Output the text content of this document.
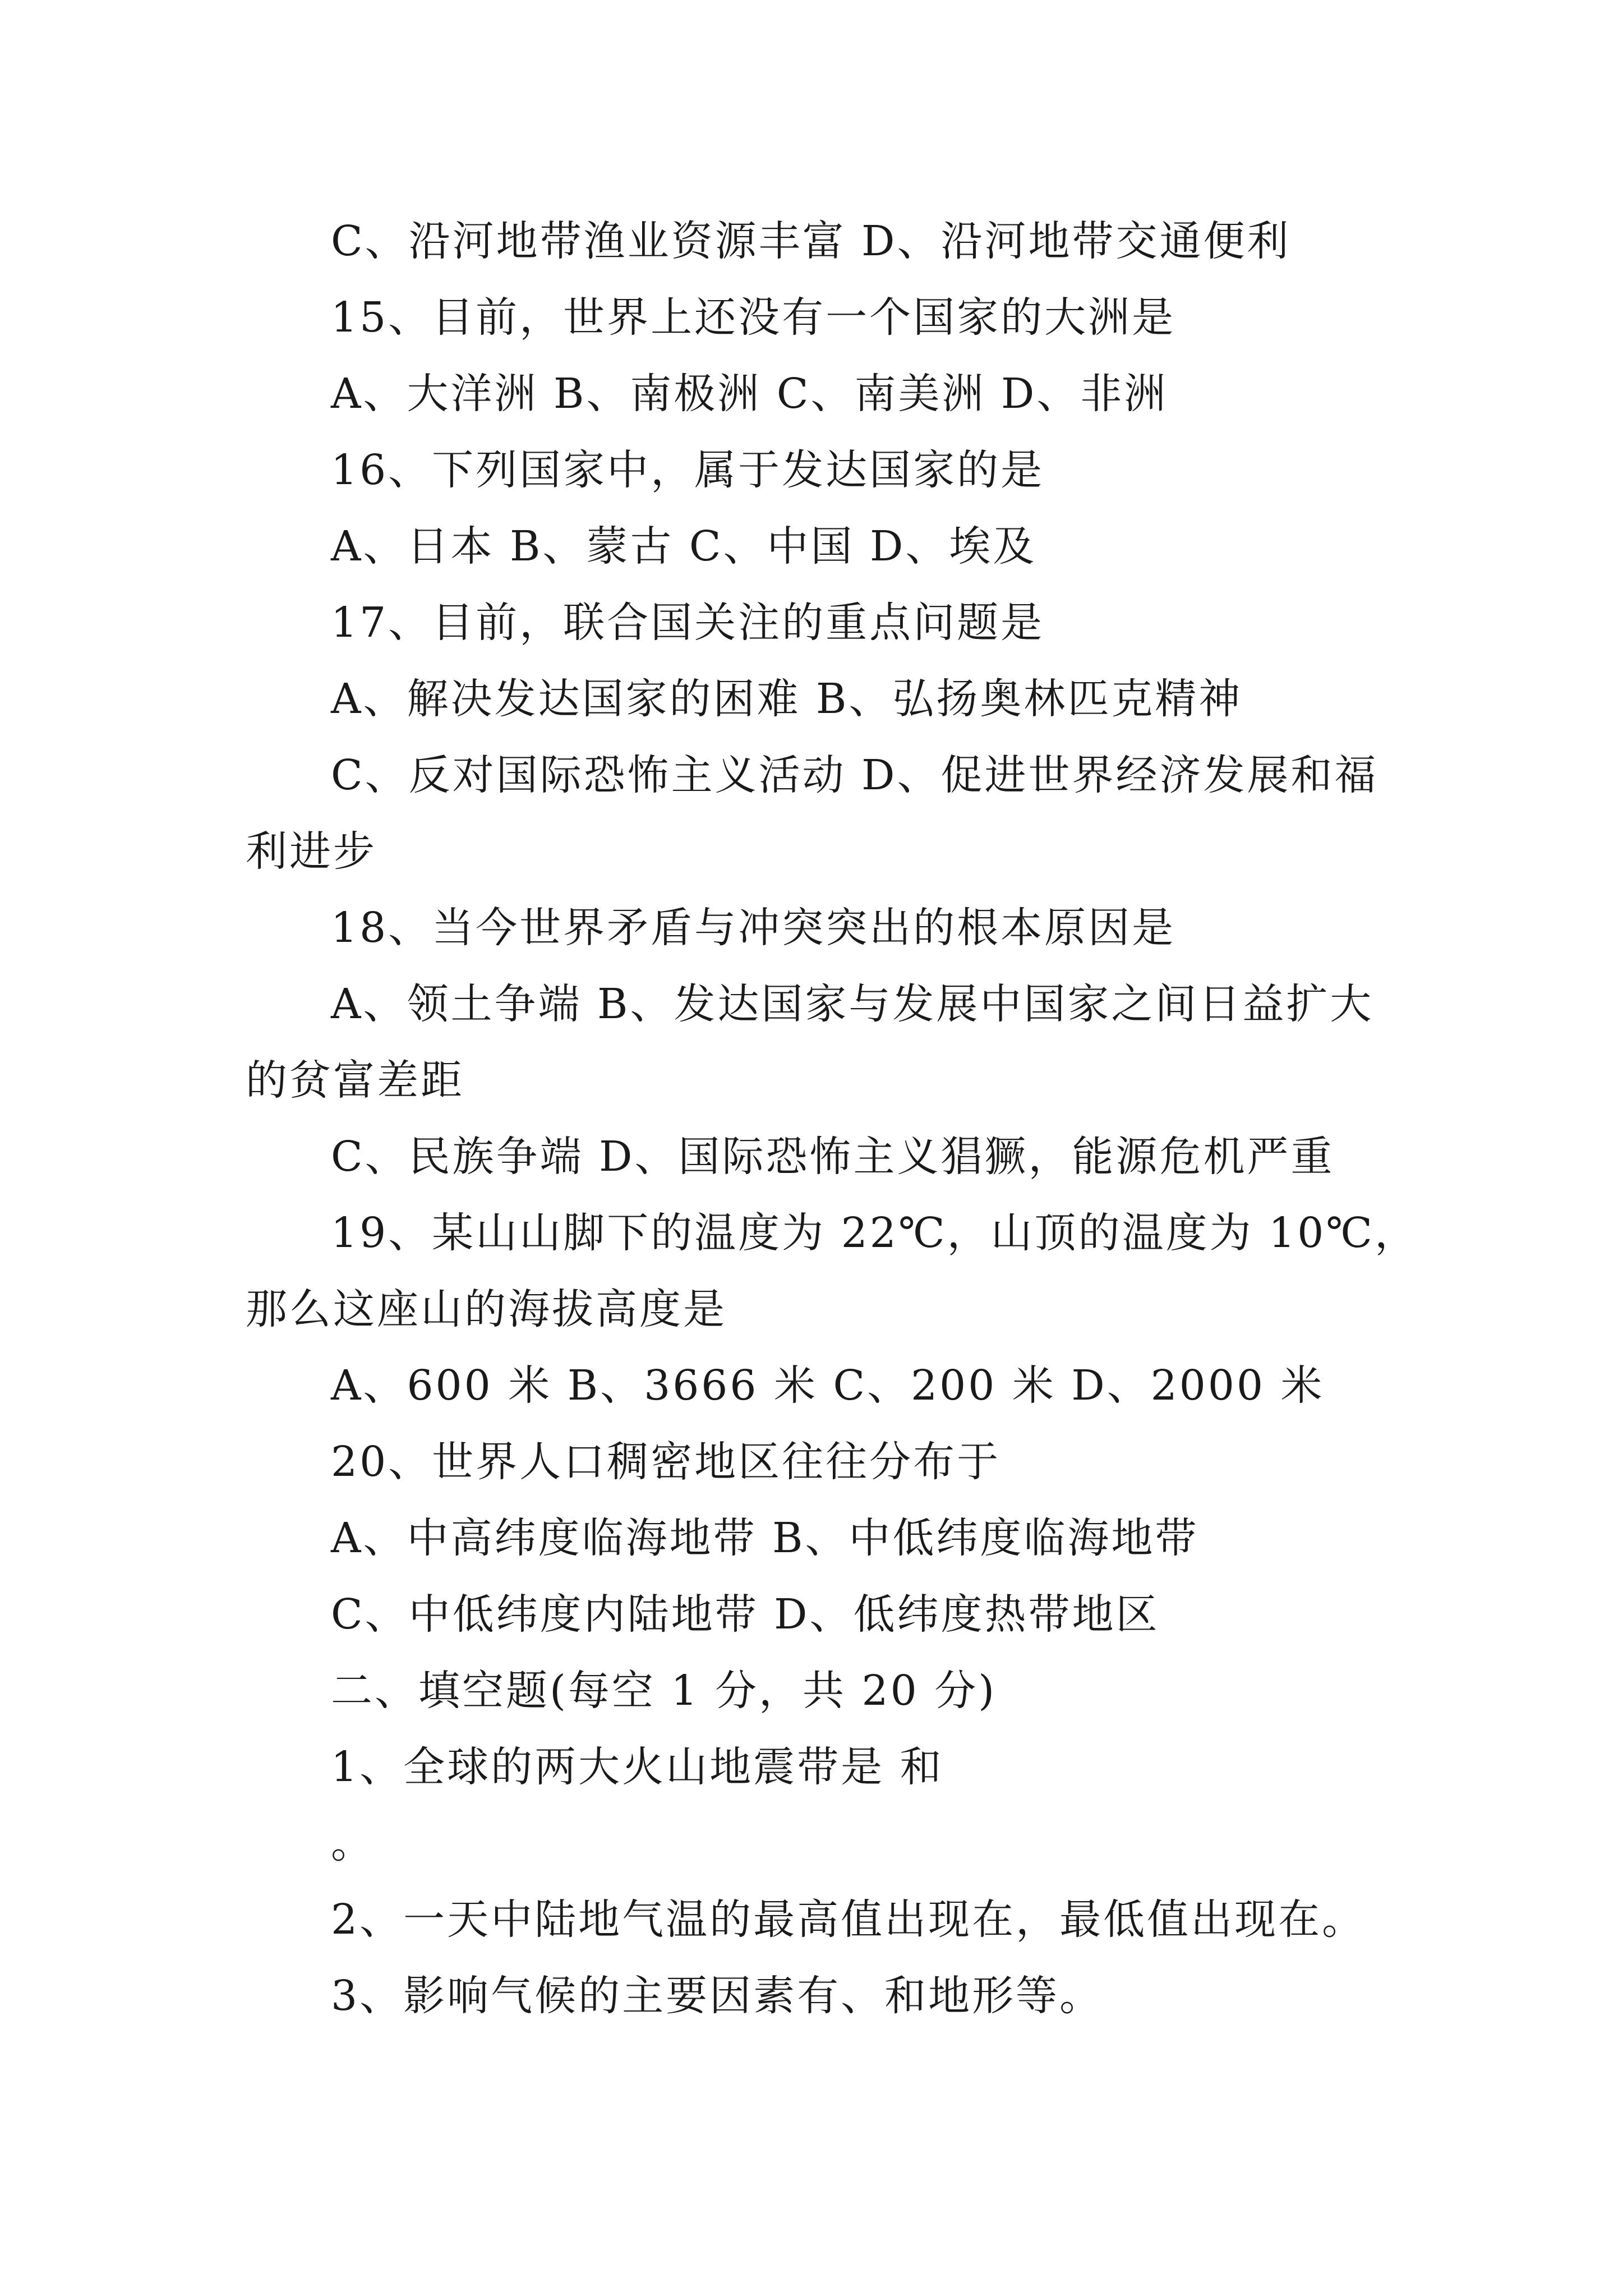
C、沿河地带渔业资源丰富 D、沿河地带交通便利
15、目前，世界上还没有一个国家的大洲是
A、大洋洲 B、南极洲 C、南美洲 D、非洲
16、下列国家中，属于发达国家的是
A、日本 B、蒙古 C、中国 D、埃及
17、目前，联合国关注的重点问题是
A、解决发达国家的困难 B、弘扬奥林匹克精神
C、反对国际恐怖主义活动 D、促进世界经济发展和福
利进步
18、当今世界矛盾与冲突突出的根本原因是
A、领土争端 B、发达国家与发展中国家之间日益扩大
的贫富差距
C、民族争端 D、国际恐怖主义猖獗，能源危机严重
19、某山山脚下的温度为 22℃，山顶的温度为 10℃，
那么这座山的海拔高度是
A、600 米 B、3666 米 C、200 米 D、2000 米
20、世界人口稠密地区往往分布于
A、中高纬度临海地带 B、中低纬度临海地带
C、中低纬度内陆地带 D、低纬度热带地区
二、填空题(每空 1 分，共 20 分)
1、全球的两大火山地震带是 和
。
2、一天中陆地气温的最高值出现在，最低值出现在。
3、影响气候的主要因素有、和地形等。
